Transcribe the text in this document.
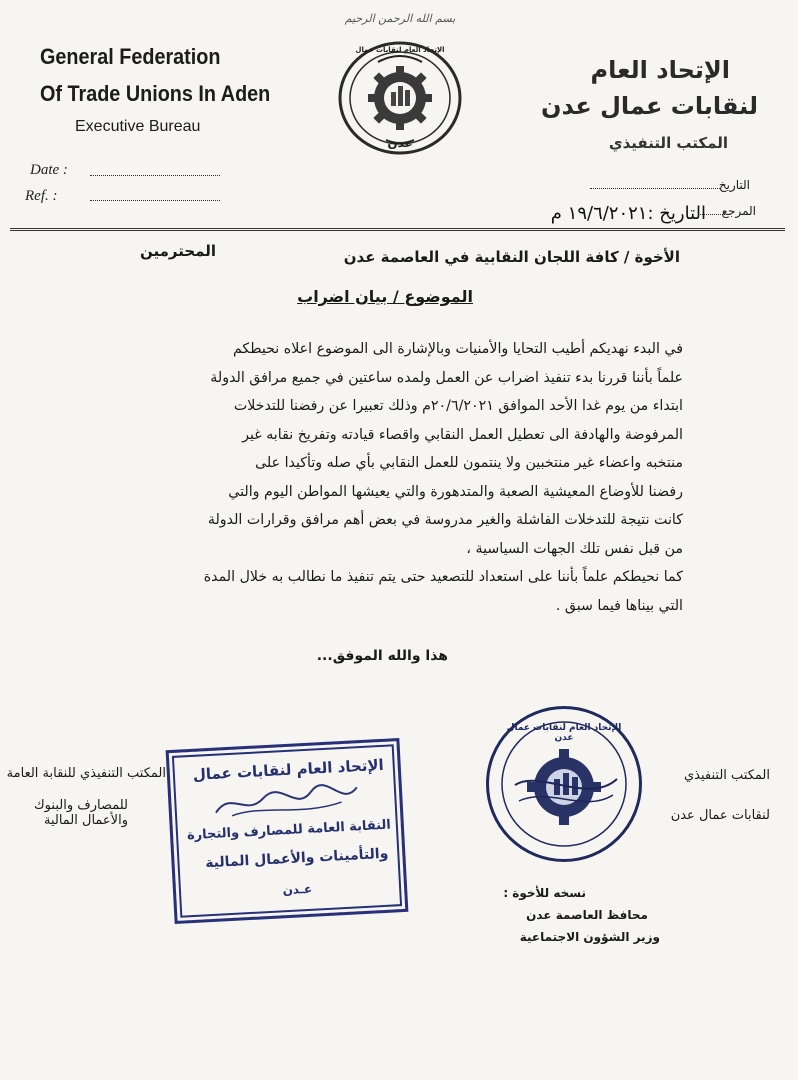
بسم الله الرحمن الرحيم
General Federation
Of Trade Unions In Aden
Executive Bureau
Date :
Ref. :
الإتحاد العام لنقابات عمال
عدن
الإتحاد العام
لنقابات عمال عدن
المكتب التنفيذي
التاريخ
المرجع
التاريخ :١٩/٦/٢٠٢١ م
الأخوة / كافة اللجان النقابية في العاصمة عدن
المحترمين
الموضوع / بيان اضراب
في البدء نهديكم أطيب التحايا والأمنيات وبالإشارة الى الموضوع اعلاه نحيطكم
علماً بأننا قررنا بدء تنفيذ اضراب عن العمل ولمده ساعتين في جميع مرافق الدولة
ابتداء من يوم غدا الأحد الموافق ٢٠/٦/٢٠٢١م وذلك تعبيرا عن رفضنا للتدخلات
المرفوضة والهادفة الى تعطيل العمل النقابي واقصاء قيادته وتفريخ نقابه غير
منتخبه واعضاء غير منتخبين ولا ينتمون للعمل النقابي بأي صله وتأكيدا على
رفضنا للأوضاع المعيشية الصعبة والمتدهورة والتي يعيشها المواطن اليوم والتي
كانت نتيجة للتدخلات الفاشلة والغير مدروسة في بعض أهم مرافق وقرارات الدولة
من قبل نفس تلك الجهات السياسية ،
كما نحيطكم علماً بأننا على استعداد للتصعيد حتى يتم تنفيذ ما نطالب به خلال المدة
التي بيناها فيما سبق .
هذا والله الموفق...
المكتب التنفيذي للنقابة العامة
للمصارف والبنوك والأعمال المالية
الإتحاد العام لنقابات عمال
النقابة العامة للمصارف والتجارة
والتأمينات والأعمال المالية
عـدن
المكتب التنفيذي
لنقابات عمال عدن
الإتحاد العام لنقابات عمال عدن
نسخه للأخوة :
محافظ العاصمة عدن
وزير الشؤون الاجتماعية
